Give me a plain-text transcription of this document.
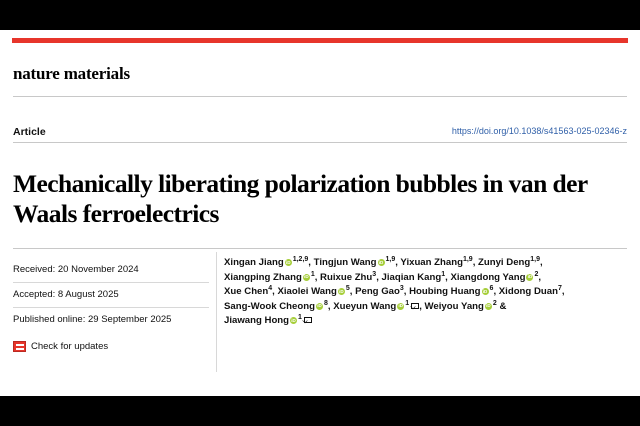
nature materials
Article	https://doi.org/10.1038/s41563-025-02346-z
Mechanically liberating polarization bubbles in van der Waals ferroelectrics
Received: 20 November 2024
Accepted: 8 August 2025
Published online: 29 September 2025
Check for updates
Xingan Jiang iD $^{1,2,9}$, Tingjun Wang iD $^{1,9}$, Yixuan Zhang$^{1,9}$, Zunyi Deng$^{1,9}$,
Xiangping Zhang iD $^1$, Ruixue Zhu$^3$, Jiaqian Kang$^1$, Xiangdong Yang iD $^2$,
Xue Chen$^4$, Xiaolei Wang iD $^5$, Peng Gao$^3$, Houbing Huang iD $^6$, Xidong Duan$^7$,
Sang-Wook Cheong iD $^8$, Xueyun Wang iD $^1$ , Weiyou Yang iD $^2$ &
Jiawang Hong iD $^1$
